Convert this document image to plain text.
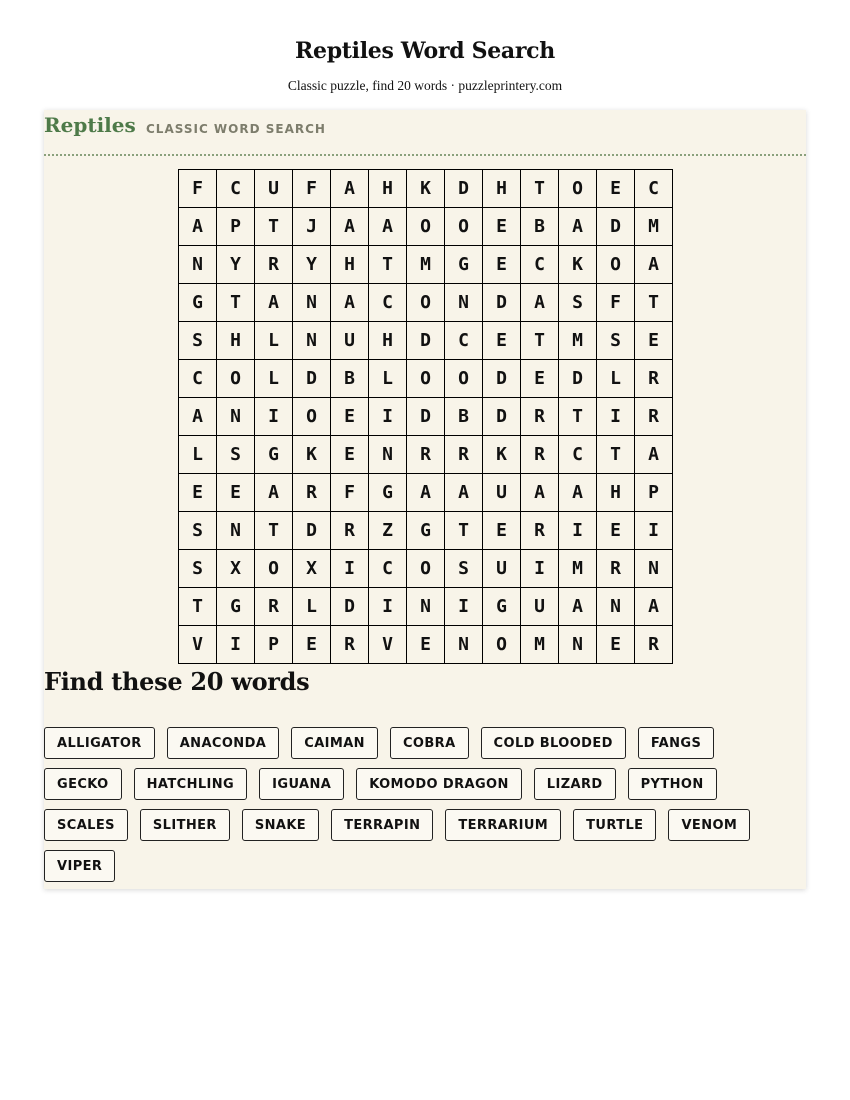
Reptiles Word Search
Classic puzzle, find 20 words · puzzleprintery.com
Reptiles CLASSIC WORD SEARCH
F	C	U	F	A	H	K	D	H	T	O	E	C
A	P	T	J	A	A	O	O	E	B	A	D	M
N	Y	R	Y	H	T	M	G	E	C	K	O	A
G	T	A	N	A	C	O	N	D	A	S	F	T
S	H	L	N	U	H	D	C	E	T	M	S	E
C	O	L	D	B	L	O	O	D	E	D	L	R
A	N	I	O	E	I	D	B	D	R	T	I	R
L	S	G	K	E	N	R	R	K	R	C	T	A
E	E	A	R	F	G	A	A	U	A	A	H	P
S	N	T	D	R	Z	G	T	E	R	I	E	I
S	X	O	X	I	C	O	S	U	I	M	R	N
T	G	R	L	D	I	N	I	G	U	A	N	A
V	I	P	E	R	V	E	N	O	M	N	E	R
Find these 20 words
ALLIGATOR	ANACONDA	CAIMAN	COBRA	COLD BLOODED	FANGS
GECKO	HATCHLING	IGUANA	KOMODO DRAGON	LIZARD	PYTHON
SCALES	SLITHER	SNAKE	TERRAPIN	TERRARIUM	TURTLE	VENOM
VIPER
